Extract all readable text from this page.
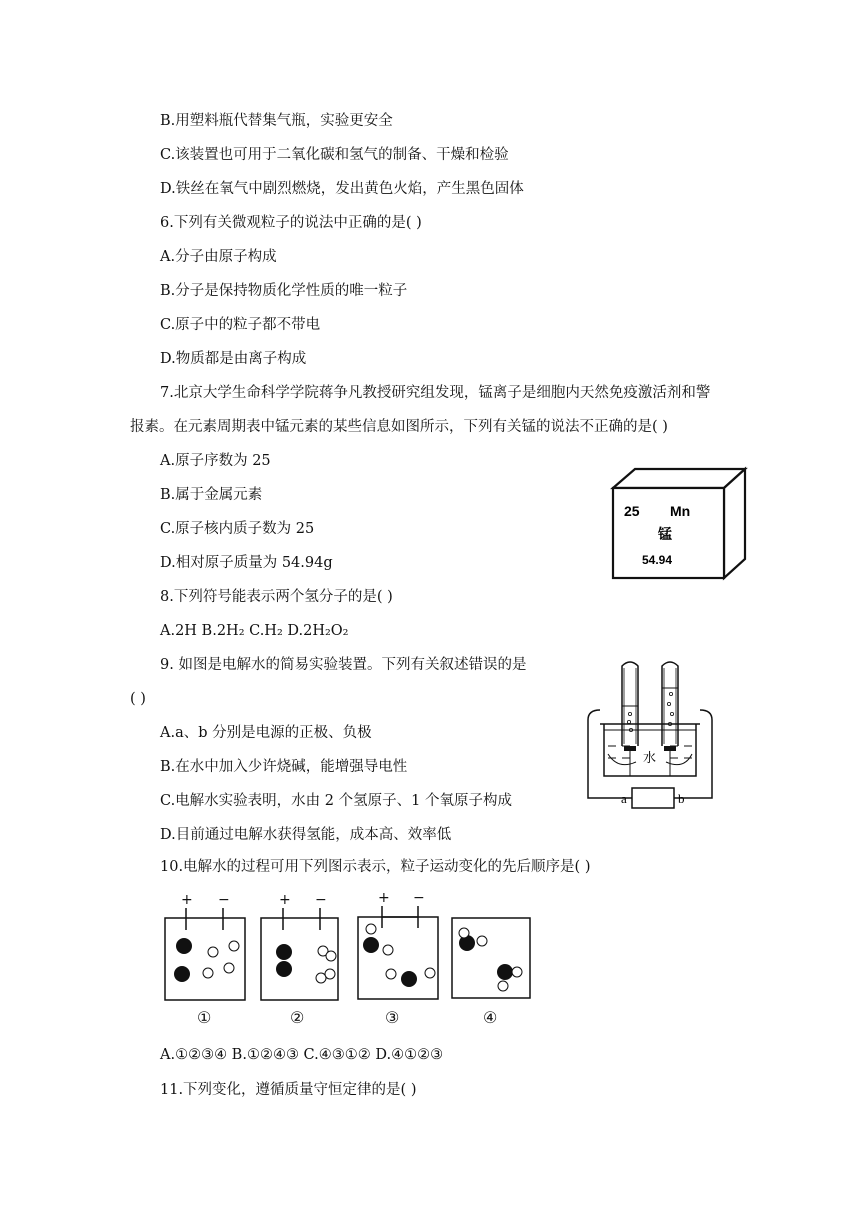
B.用塑料瓶代替集气瓶，实验更安全
C.该装置也可用于二氧化碳和氢气的制备、干燥和检验
D.铁丝在氧气中剧烈燃烧，发出黄色火焰，产生黑色固体
6.下列有关微观粒子的说法中正确的是( )
A.分子由原子构成
B.分子是保持物质化学性质的唯一粒子
C.原子中的粒子都不带电
D.物质都是由离子构成
7.北京大学生命科学学院蒋争凡教授研究组发现，锰离子是细胞内天然免疫激活剂和警
报素。在元素周期表中锰元素的某些信息如图所示，下列有关锰的说法不正确的是( )
A.原子序数为 25
B.属于金属元素
C.原子核内质子数为 25
D.相对原子质量为 54.94g
25 Mn
锰
54.94
8.下列符号能表示两个氢分子的是( )
A.2H B.2H₂ C.H₂ D.2H₂O₂
9. 如图是电解水的简易实验装置。下列有关叙述错误的是
( )
A.a、b 分别是电源的正极、负极
B.在水中加入少许烧碱，能增强导电性
C.电解水实验表明，水由 2 个氢原子、1 个氧原子构成
D.目前通过电解水获得氢能，成本高、效率低
a	b
水
10.电解水的过程可用下列图示表示，粒子运动变化的先后顺序是( )
+ −	+ −	+ −
①	②	③	④
A.①②③④ B.①②④③ C.④③①② D.④①②③
11.下列变化，遵循质量守恒定律的是( )
